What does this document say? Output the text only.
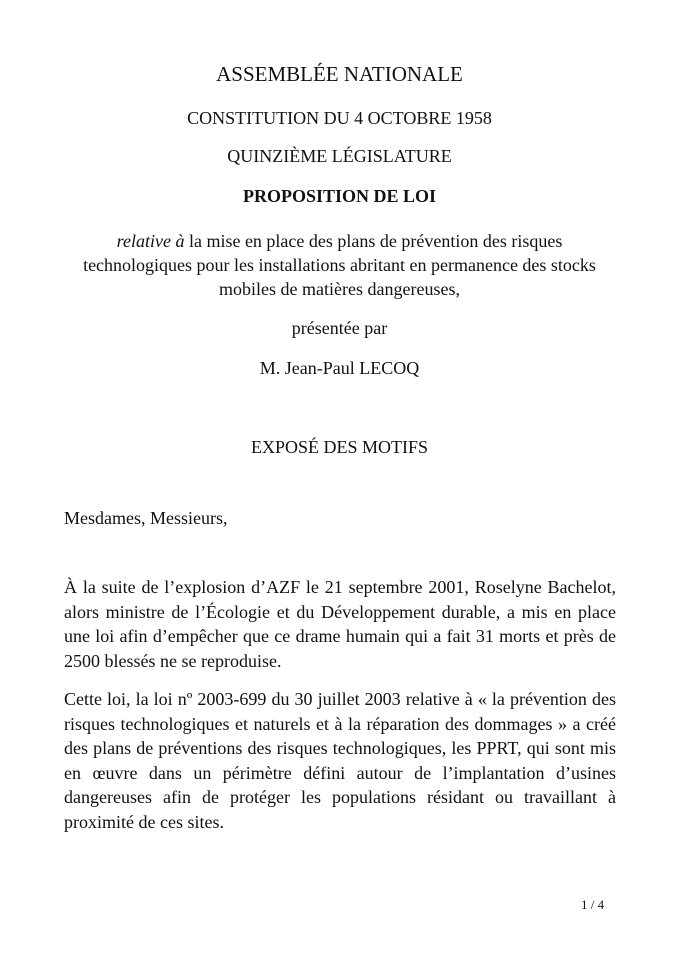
ASSEMBLÉE NATIONALE
CONSTITUTION DU 4 OCTOBRE 1958
QUINZIÈME LÉGISLATURE
PROPOSITION DE LOI
relative à la mise en place des plans de prévention des risques technologiques pour les installations abritant en permanence des stocks mobiles de matières dangereuses,
présentée par
M. Jean-Paul LECOQ
EXPOSÉ DES MOTIFS
Mesdames, Messieurs,
À la suite de l’explosion d’AZF le 21 septembre 2001, Roselyne Bachelot, alors ministre de l’Écologie et du Développement durable, a mis en place une loi afin d’empêcher que ce drame humain qui a fait 31 morts et près de 2500 blessés ne se reproduise.
Cette loi, la loi nº 2003-699 du 30 juillet 2003 relative à « la prévention des risques technologiques et naturels et à la réparation des dommages » a créé des plans de préventions des risques technologiques, les PPRT, qui sont mis en œuvre dans un périmètre défini autour de l’implantation d’usines dangereuses afin de protéger les populations résidant ou travaillant à proximité de ces sites.
1 / 4
